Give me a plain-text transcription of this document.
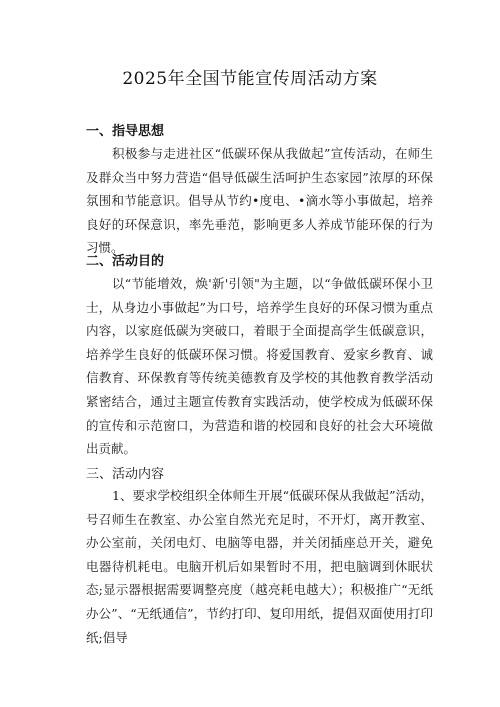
2025年全国节能宣传周活动方案
一、指导思想
积极参与走进社区“低碳环保从我做起”宣传活动，在师生及群众当中努力营造“倡导低碳生活呵护生态家园”浓厚的环保氛围和节能意识。倡导从节约•度电、•滴水等小事做起，培养良好的环保意识，率先垂范，影响更多人养成节能环保的行为习惯。
二、活动目的
以“节能增效，焕'新'引领"为主题，以“争做低碳环保小卫士，从身边小事做起”为口号，培养学生良好的环保习惯为重点内容，以家庭低碳为突破口，着眼于全面提高学生低碳意识，培养学生良好的低碳环保习惯。将爱国教育、爱家乡教育、诚信教育、环保教育等传统美德教育及学校的其他教育教学活动紧密结合，通过主题宣传教育实践活动，使学校成为低碳环保的宣传和示范窗口，为营造和谐的校园和良好的社会大环境做出贡献。
三、活动内容
1、要求学校组织全体师生开展“低碳环保从我做起”活动，号召师生在教室、办公室自然光充足时，不开灯，离开教室、办公室前，关闭电灯、电脑等电器，并关闭插座总开关，避免电器待机耗电。电脑开机后如果暂时不用，把电脑调到休眠状态;显示器根据需要调整亮度（越亮耗电越大）；积极推广“无纸办公”、“无纸通信”，节约打印、复印用纸，提倡双面使用打印纸;倡导
